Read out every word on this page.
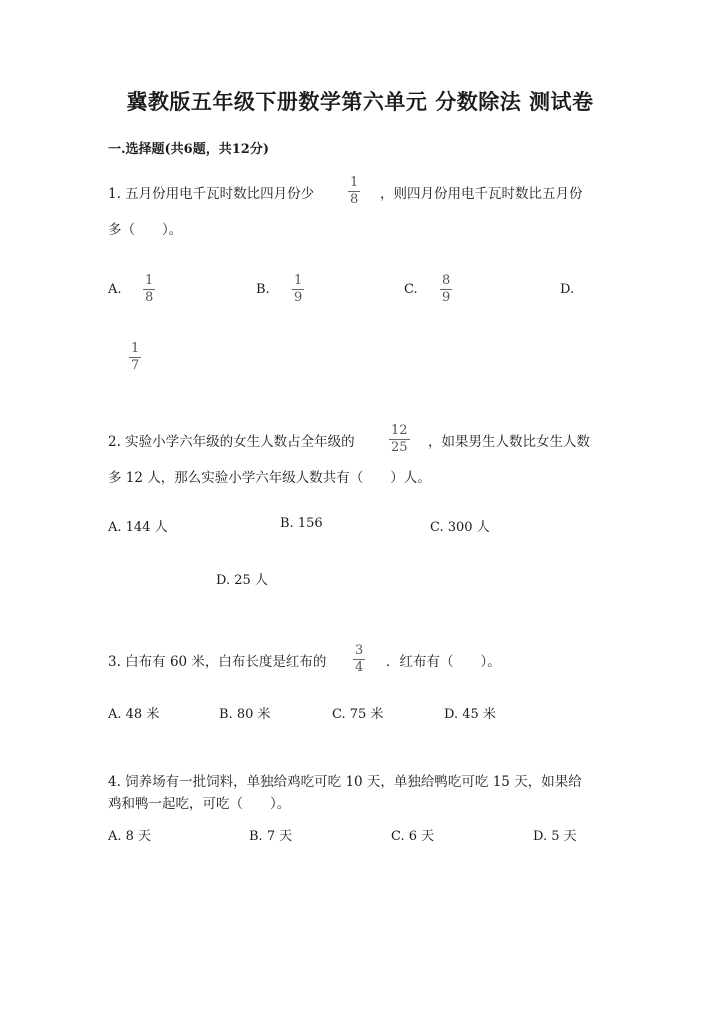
冀教版五年级下册数学第六单元 分数除法 测试卷
一.选择题(共6题，共12分)
1. 五月份用电千瓦时数比四月份少
1
8 ，则四月份用电千瓦时数比五月份
多（　　）。
A.
1
8
B.
1
9
C.
8
9
D.
1
7
2. 实验小学六年级的女生人数占全年级的
12
25 ，如果男生人数比女生人数
多 12 人，那么实验小学六年级人数共有（　　）人。
A. 144 人	B. 156	C. 300 人
D. 25 人
3. 白布有 60 米，白布长度是红布的
3
4 ．红布有（　　）。
A. 48 米	B. 80 米	C. 75 米	D. 45 米
4. 饲养场有一批饲料，单独给鸡吃可吃 10 天，单独给鸭吃可吃 15 天，如果给
鸡和鸭一起吃，可吃（　　）。
A. 8 天	B. 7 天	C. 6 天	D. 5 天
